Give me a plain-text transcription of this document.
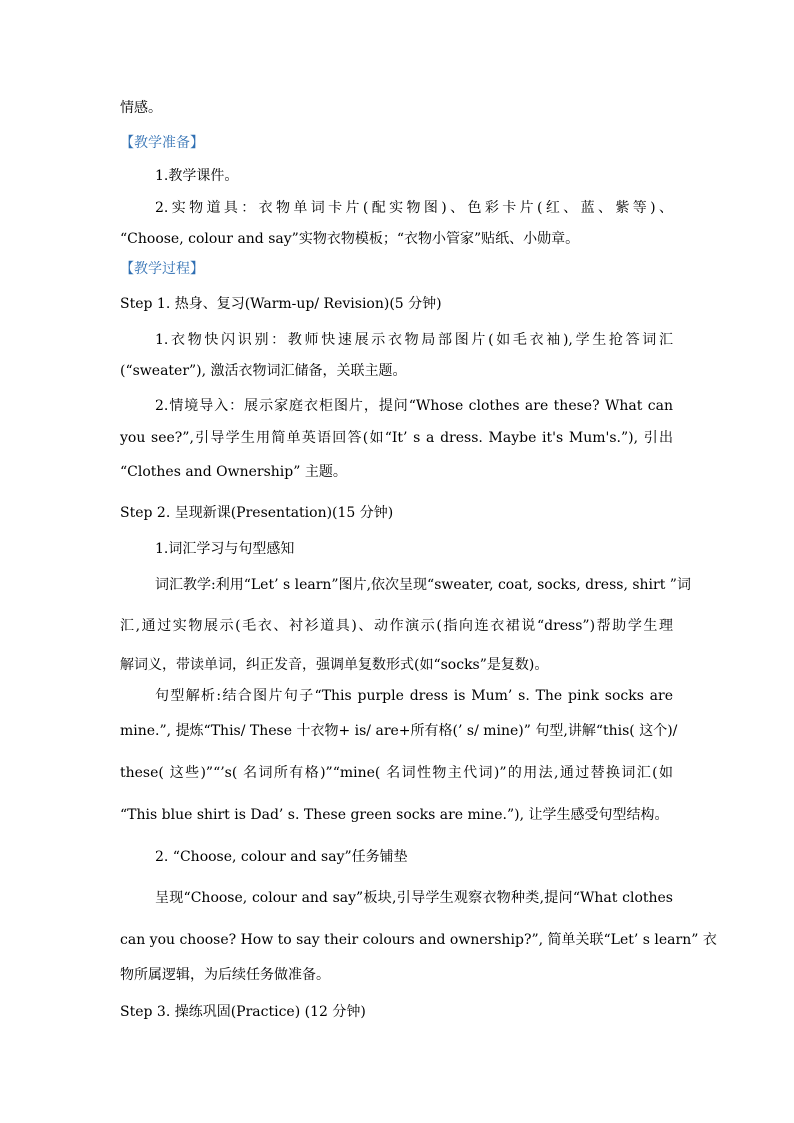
情感。
【教学准备】
1.教学课件。
2.实物道具：衣物单词卡片(配实物图)、色彩卡片(红、蓝、紫等)、
“Choose, colour and say”实物衣物模板；“衣物小管家”贴纸、小勋章。
【教学过程】
Step 1. 热身、复习(Warm-up/ Revision)(5 分钟)
1.衣物快闪识别：教师快速展示衣物局部图片(如毛衣袖),学生抢答词汇
(“sweater”), 激活衣物词汇储备，关联主题。
2.情境导入：展示家庭衣柜图片，提问“Whose clothes are these? What can
you see?”,引导学生用简单英语回答(如“It’ s a dress. Maybe it's Mum's.”), 引出
“Clothes and Ownership” 主题。
Step 2. 呈现新课(Presentation)(15 分钟)
1.词汇学习与句型感知
词汇教学:利用“Let’ s learn”图片,依次呈现“sweater, coat, socks, dress, shirt ”词
汇,通过实物展示(毛衣、衬衫道具)、动作演示(指向连衣裙说“dress”)帮助学生理
解词义，带读单词，纠正发音，强调单复数形式(如“socks”是复数)。
句型解析:结合图片句子“This purple dress is Mum’ s. The pink socks are
mine.”, 提炼“This/ These 十衣物+ is/ are+所有格(’ s/ mine)” 句型,讲解“this( 这个)/
these( 这些)”“’s( 名词所有格)”“mine( 名词性物主代词)”的用法,通过替换词汇(如
“This blue shirt is Dad’ s. These green socks are mine.”), 让学生感受句型结构。
2. “Choose, colour and say”任务铺垫
呈现“Choose, colour and say”板块,引导学生观察衣物种类,提问“What clothes
can you choose? How to say their colours and ownership?”, 简单关联“Let’ s learn” 衣
物所属逻辑，为后续任务做准备。
Step 3. 操练巩固(Practice) (12 分钟)
